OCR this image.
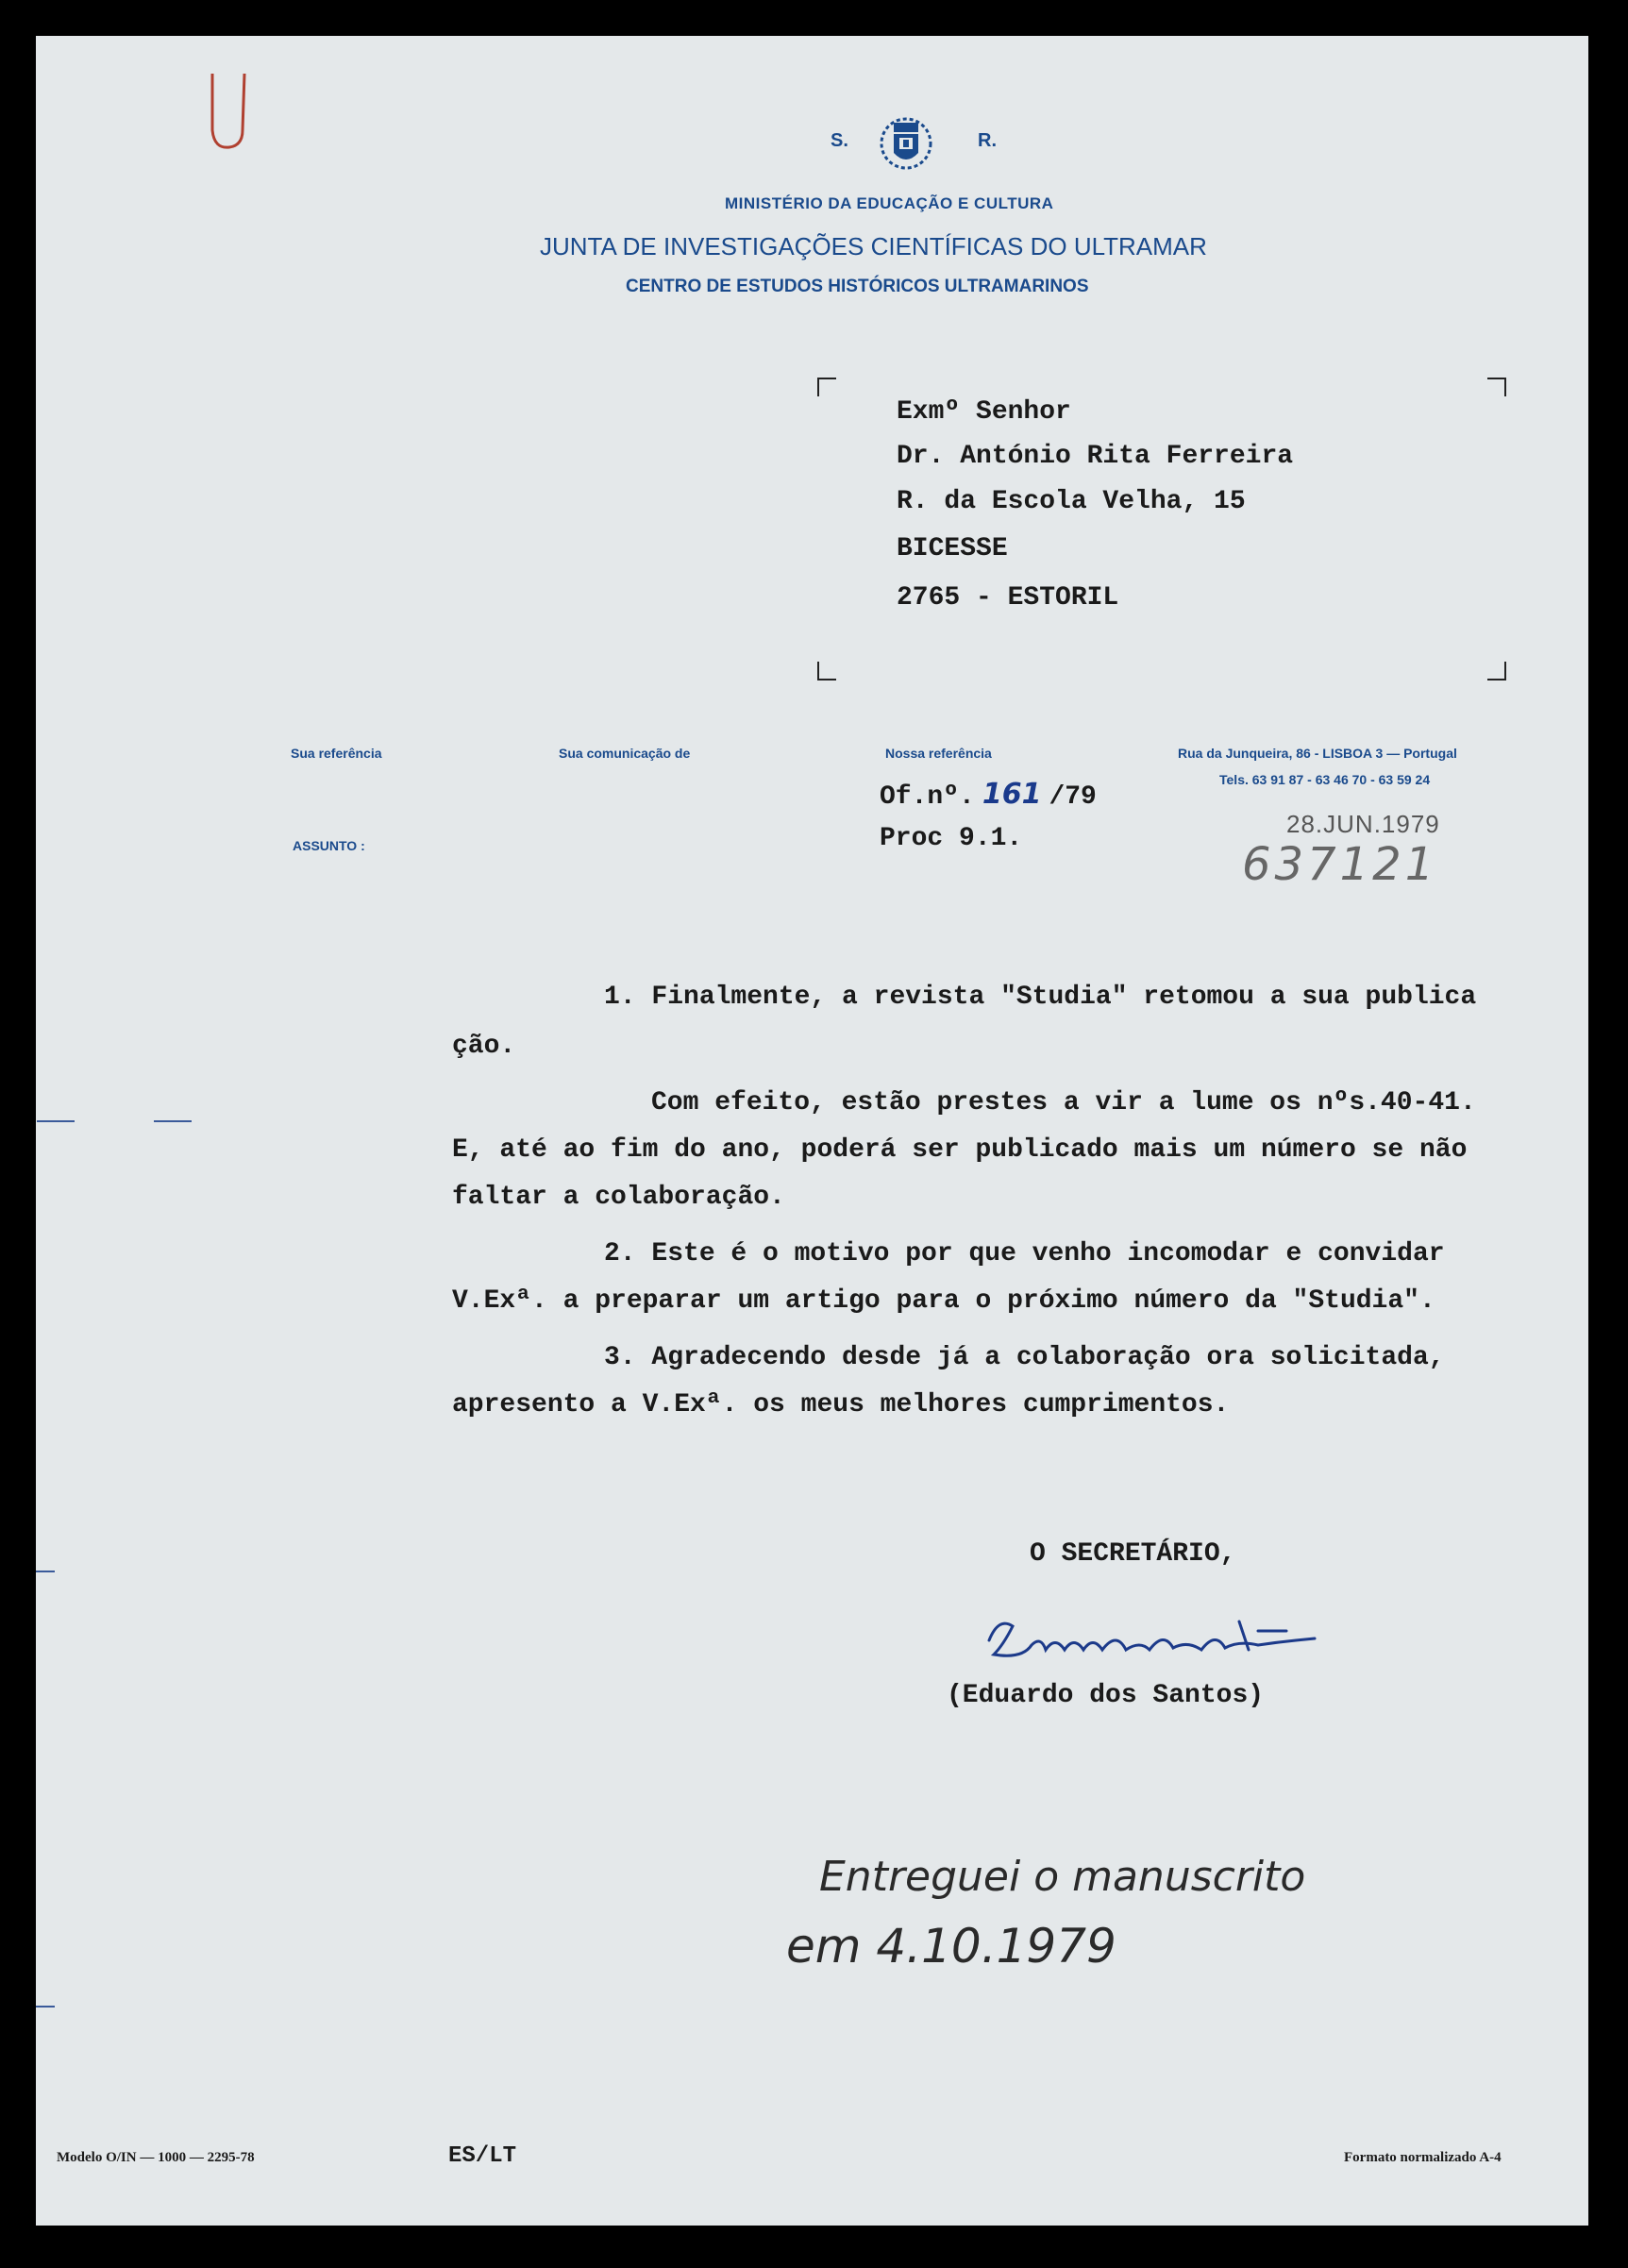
S.	R.
MINISTÉRIO DA EDUCAÇÃO E CULTURA
JUNTA DE INVESTIGAÇÕES CIENTÍFICAS DO ULTRAMAR
CENTRO DE ESTUDOS HISTÓRICOS ULTRAMARINOS
Exmº Senhor
Dr. António Rita Ferreira
R. da Escola Velha, 15
BICESSE
2765 - ESTORIL
Sua referência	Sua comunicação de	Nossa referência	Rua da Junqueira, 86 - LISBOA 3 — Portugal
Tels. 63 91 87 - 63 46 70 - 63 59 24
ASSUNTO :
Of.nº. 161 /79
Proc 9.1.	28.JUN.1979
637121
1. Finalmente, a revista "Studia" retomou a sua publica
ção.
Com efeito, estão prestes a vir a lume os nºs.40-41.
E, até ao fim do ano, poderá ser publicado mais um número se não
faltar a colaboração.
2. Este é o motivo por que venho incomodar e convidar
V.Exª. a preparar um artigo para o próximo número da "Studia".
3. Agradecendo desde já a colaboração ora solicitada,
apresento a V.Exª. os meus melhores cumprimentos.
O SECRETÁRIO,
(Eduardo dos Santos)
Entreguei o manuscrito
em 4.10.1979
Modelo O/IN — 1000 — 2295-78	ES/LT	Formato normalizado A-4
